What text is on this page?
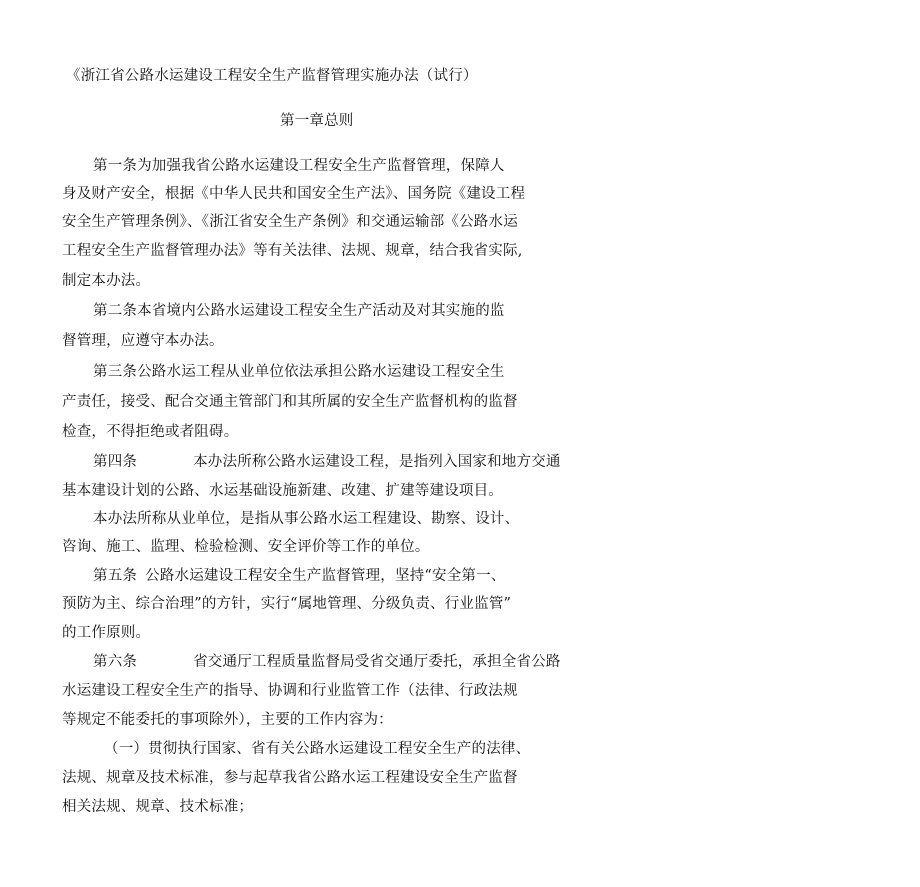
《浙江省公路水运建设工程安全生产监督管理实施办法（试行）
第一章总则
第一条为加强我省公路水运建设工程安全生产监督管理，保障人
身及财产安全，根据《中华人民共和国安全生产法》、国务院《建设工程
安全生产管理条例》、《浙江省安全生产条例》和交通运输部《公路水运
工程安全生产监督管理办法》等有关法律、法规、规章，结合我省实际,
制定本办法。
第二条本省境内公路水运建设工程安全生产活动及对其实施的监
督管理，应遵守本办法。
第三条公路水运工程从业单位依法承担公路水运建设工程安全生
产责任，接受、配合交通主管部门和其所属的安全生产监督机构的监督
检查，不得拒绝或者阻碍。
第四条	本办法所称公路水运建设工程，是指列入国家和地方交通
基本建设计划的公路、水运基础设施新建、改建、扩建等建设项目。
本办法所称从业单位，是指从事公路水运工程建设、勘察、设计、
咨询、施工、监理、检验检测、安全评价等工作的单位。
第五条 公路水运建设工程安全生产监督管理，坚持“安全第一、
预防为主、综合治理”的方针，实行“属地管理、分级负责、行业监管”
的工作原则。
第六条	省交通厅工程质量监督局受省交通厅委托，承担全省公路
水运建设工程安全生产的指导、协调和行业监管工作（法律、行政法规
等规定不能委托的事项除外），主要的工作内容为：
（一）贯彻执行国家、省有关公路水运建设工程安全生产的法律、
法规、规章及技术标准，参与起草我省公路水运工程建设安全生产监督
相关法规、规章、技术标准；
